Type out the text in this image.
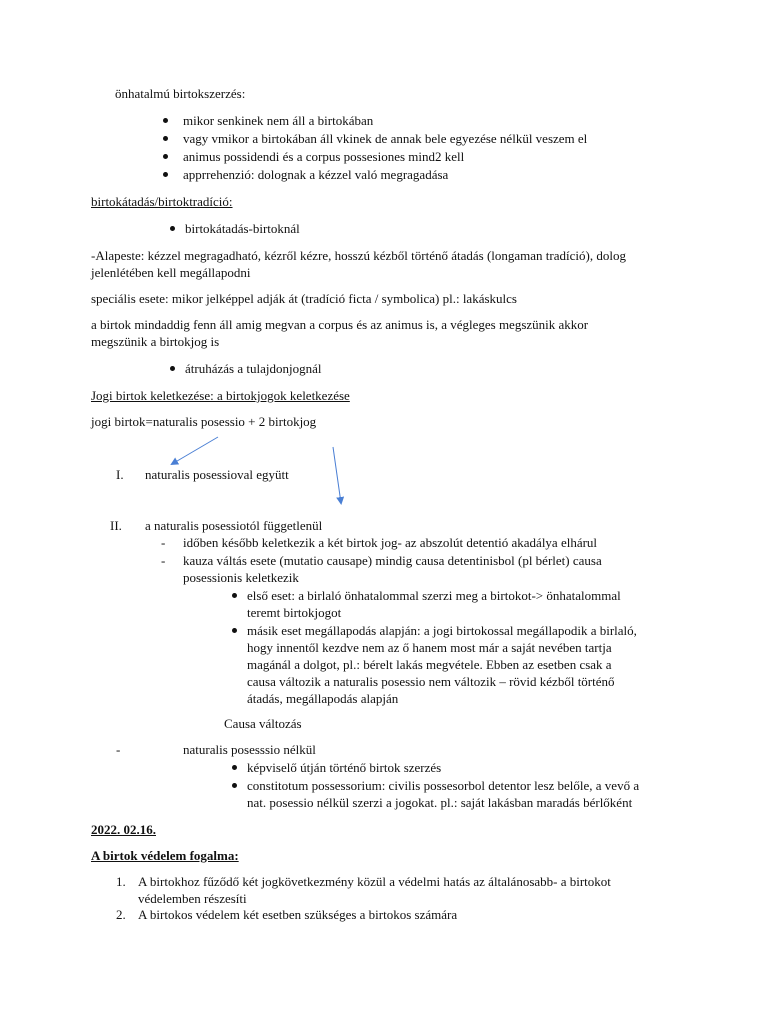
önhatalmú birtokszerzés:
mikor senkinek nem áll a birtokában
vagy vmikor a birtokában áll vkinek de annak bele egyezése nélkül veszem el
animus possidendi és a corpus possesiones mind2 kell
apprrehenzió: dolognak a kézzel való megragadása
birtokátadás/birtoktradíció:
birtokátadás-birtoknál
-Alapeste: kézzel megragadható, kézről kézre, hosszú kézből történő átadás (longaman tradíció), dolog
jelenlétében kell megállapodni
speciális esete: mikor jelképpel adják át (tradíció ficta / symbolica) pl.: lakáskulcs
a birtok mindaddig fenn áll amig megvan a corpus és az animus is, a végleges megszünik akkor
megszünik a birtokjog is
átruházás a tulajdonjognál
Jogi birtok keletkezése: a birtokjogok keletkezése
jogi birtok=naturalis posessio + 2 birtokjog
I. naturalis posessioval együtt
II. a naturalis posessiotól függetlenül
- időben később keletkezik a két birtok jog- az abszolút detentió akadálya elhárul
- kauza váltás esete (mutatio causape) mindig causa detentinisbol (pl bérlet) causa
posessionis keletkezik
első eset: a birlaló önhatalommal szerzi meg a birtokot-> önhatalommal
teremt birtokjogot
másik eset megállapodás alapján: a jogi birtokossal megállapodik a birlaló,
hogy innentől kezdve nem az ő hanem most már a saját nevében tartja
magánál a dolgot, pl.: bérelt lakás megvétele. Ebben az esetben csak a
causa változik a naturalis posessio nem változik – rövid kézből történő
átadás, megállapodás alapján
Causa változás
-	naturalis posesssio nélkül
képviselő útján történő birtok szerzés
constitotum possessorium: civilis possesorbol detentor lesz belőle, a vevő a
nat. posessio nélkül szerzi a jogokat. pl.: saját lakásban maradás bérlőként
2022. 02.16.
A birtok védelem fogalma:
1. A birtokhoz fűződő két jogkövetkezmény közül a védelmi hatás az általánosabb- a birtokot
védelemben részesíti
2. A birtokos védelem két esetben szükséges a birtokos számára
